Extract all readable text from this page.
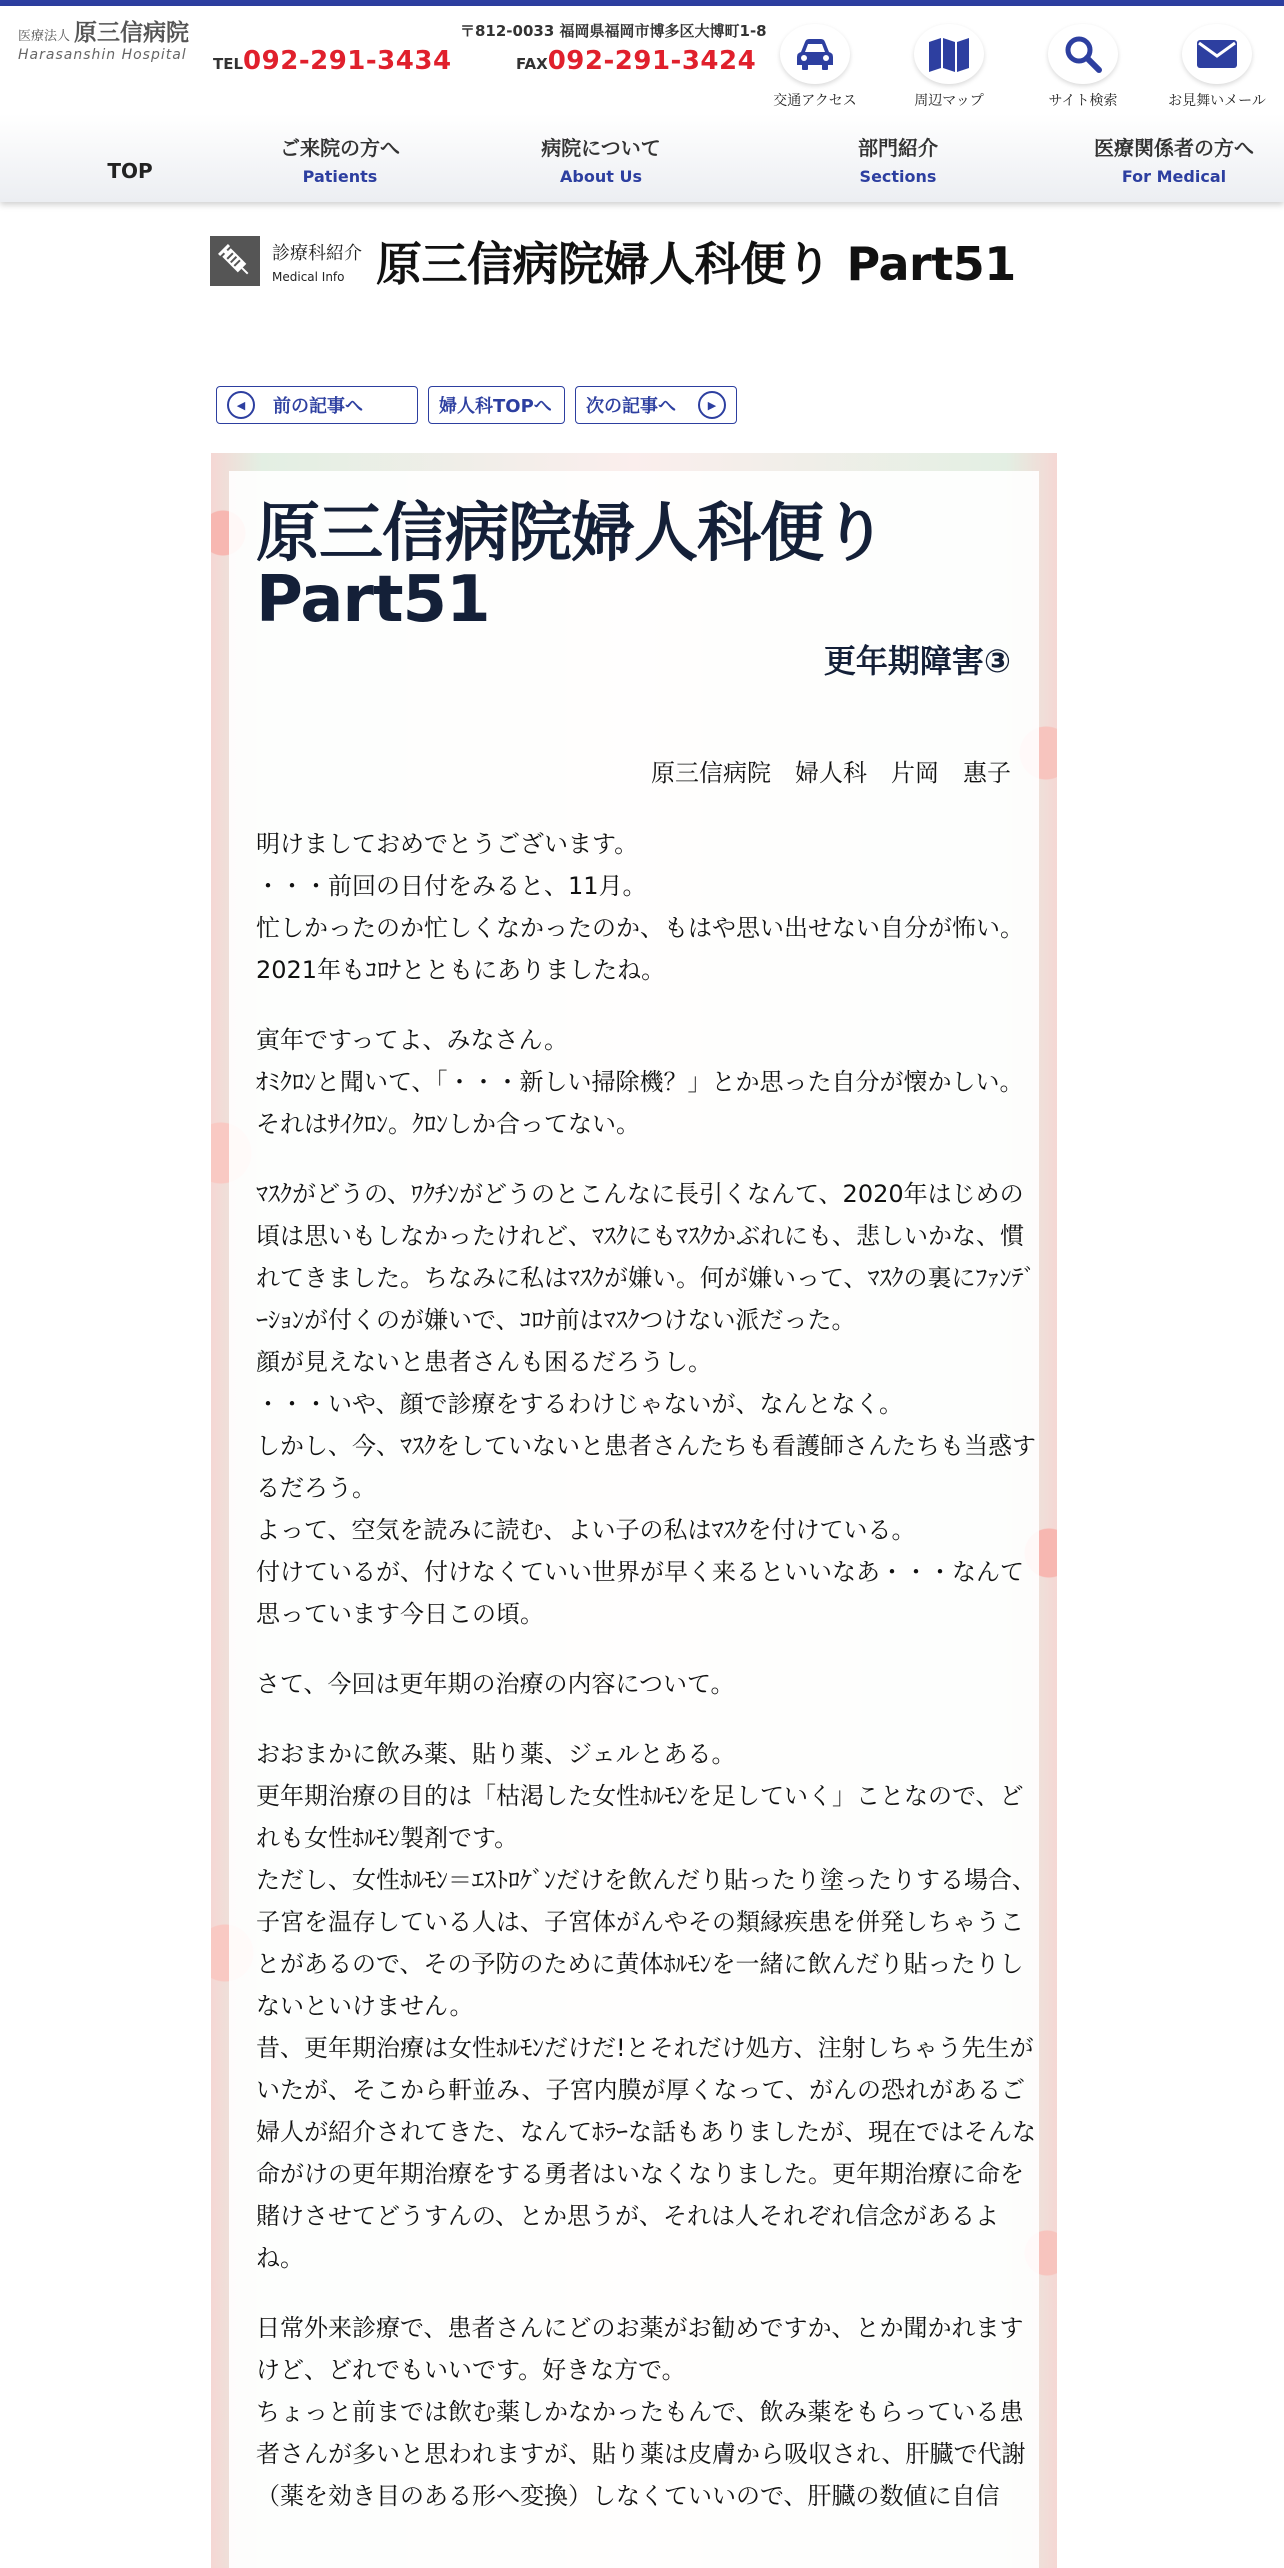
医療法人 原三信病院
Harasanshin Hospital TEL 092-291-3434
〒812-0033 福岡県福岡市博多区大博町1-8
FAX 092-291-3424
交通アクセス	周辺マップ	サイト検索	お見舞いメール
TOP
ご来院の方へ
Patients
病院について
About Us
部門紹介
Sections
医療関係者の方へ
For Medical
診療科紹介
Medical Info 原三信病院婦人科便り Part51
◀	前の記事へ	婦人科TOPへ 次の記事へ	▶
原三信病院婦人科便り Part51
更年期障害③
原三信病院　婦人科　片岡　惠子

明けましておめでとうございます。
・・・前回の日付をみると、11月。
忙しかったのか忙しくなかったのか、もはや思い出せない自分が怖い。
2021年もｺﾛﾅとともにありましたね。

寅年ですってよ、みなさん。
ｵﾐｸﾛﾝと聞いて、「・・・新しい掃除機？」とか思った自分が懐かしい。
それはｻｲｸﾛﾝ。ｸﾛﾝしか合ってない。

ﾏｽｸがどうの、ﾜｸﾁﾝがどうのとこんなに長引くなんて、2020年はじめの頃は思いもしなかったけれど、ﾏｽｸにもﾏｽｸかぶれにも、悲しいかな、慣れてきました。ちなみに私はﾏｽｸが嫌い。何が嫌いって、ﾏｽｸの裏にﾌｧﾝﾃﾞｰｼｮﾝが付くのが嫌いで、ｺﾛﾅ前はﾏｽｸつけない派だった。
顔が見えないと患者さんも困るだろうし。
・・・いや、顔で診療をするわけじゃないが、なんとなく。
しかし、今、ﾏｽｸをしていないと患者さんたちも看護師さんたちも当惑するだろう。
よって、空気を読みに読む、よい子の私はﾏｽｸを付けている。
付けているが、付けなくていい世界が早く来るといいなあ・・・なんて思っています今日この頃。

さて、今回は更年期の治療の内容について。

おおまかに飲み薬、貼り薬、ジェルとある。
更年期治療の目的は「枯渇した女性ﾎﾙﾓﾝを足していく」ことなので、どれも女性ﾎﾙﾓﾝ製剤です。
ただし、女性ﾎﾙﾓﾝ＝ｴｽﾄﾛｹﾞﾝだけを飲んだり貼ったり塗ったりする場合、子宮を温存している人は、子宮体がんやその類縁疾患を併発しちゃうことがあるので、その予防のために黄体ﾎﾙﾓﾝを一緒に飲んだり貼ったりしないといけません。
昔、更年期治療は女性ﾎﾙﾓﾝだけだ!とそれだけ処方、注射しちゃう先生がいたが、そこから軒並み、子宮内膜が厚くなって、がんの恐れがあるご婦人が紹介されてきた、なんてﾎﾗｰな話もありましたが、現在ではそんな命がけの更年期治療をする勇者はいなくなりました。更年期治療に命を賭けさせてどうすんの、とか思うが、それは人それぞれ信念があるよね。

日常外来診療で、患者さんにどのお薬がお勧めですか、とか聞かれますけど、どれでもいいです。好きな方で。
ちょっと前までは飲む薬しかなかったもんで、飲み薬をもらっている患者さんが多いと思われますが、貼り薬は皮膚から吸収され、肝臓で代謝（薬を効き目のある形へ変換）しなくていいので、肝臓の数値に自信
